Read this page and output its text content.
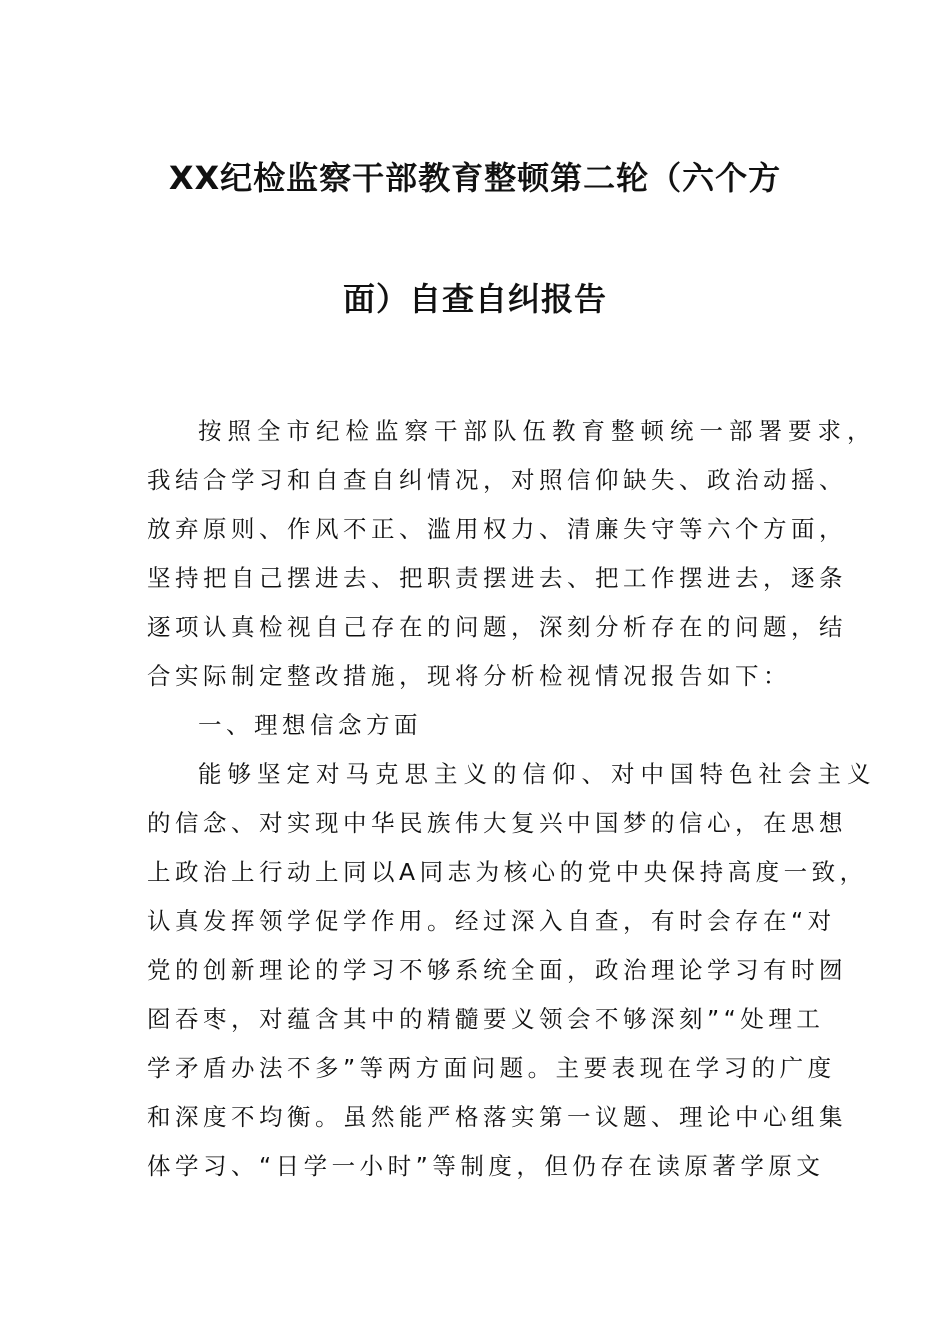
XX纪检监察干部教育整顿第二轮（六个方
面）自查自纠报告
按照全市纪检监察干部队伍教育整顿统一部署要求，
我结合学习和自查自纠情况，对照信仰缺失、政治动摇、
放弃原则、作风不正、滥用权力、清廉失守等六个方面，
坚持把自己摆进去、把职责摆进去、把工作摆进去，逐条
逐项认真检视自己存在的问题，深刻分析存在的问题，结
合实际制定整改措施，现将分析检视情况报告如下：
一、理想信念方面
能够坚定对马克思主义的信仰、对中国特色社会主义
的信念、对实现中华民族伟大复兴中国梦的信心，在思想
上政治上行动上同以A同志为核心的党中央保持高度一致，
认真发挥领学促学作用。经过深入自查，有时会存在“对
党的创新理论的学习不够系统全面，政治理论学习有时囫
囵吞枣，对蕴含其中的精髓要义领会不够深刻”“处理工
学矛盾办法不多”等两方面问题。主要表现在学习的广度
和深度不均衡。虽然能严格落实第一议题、理论中心组集
体学习、“日学一小时”等制度，但仍存在读原著学原文
